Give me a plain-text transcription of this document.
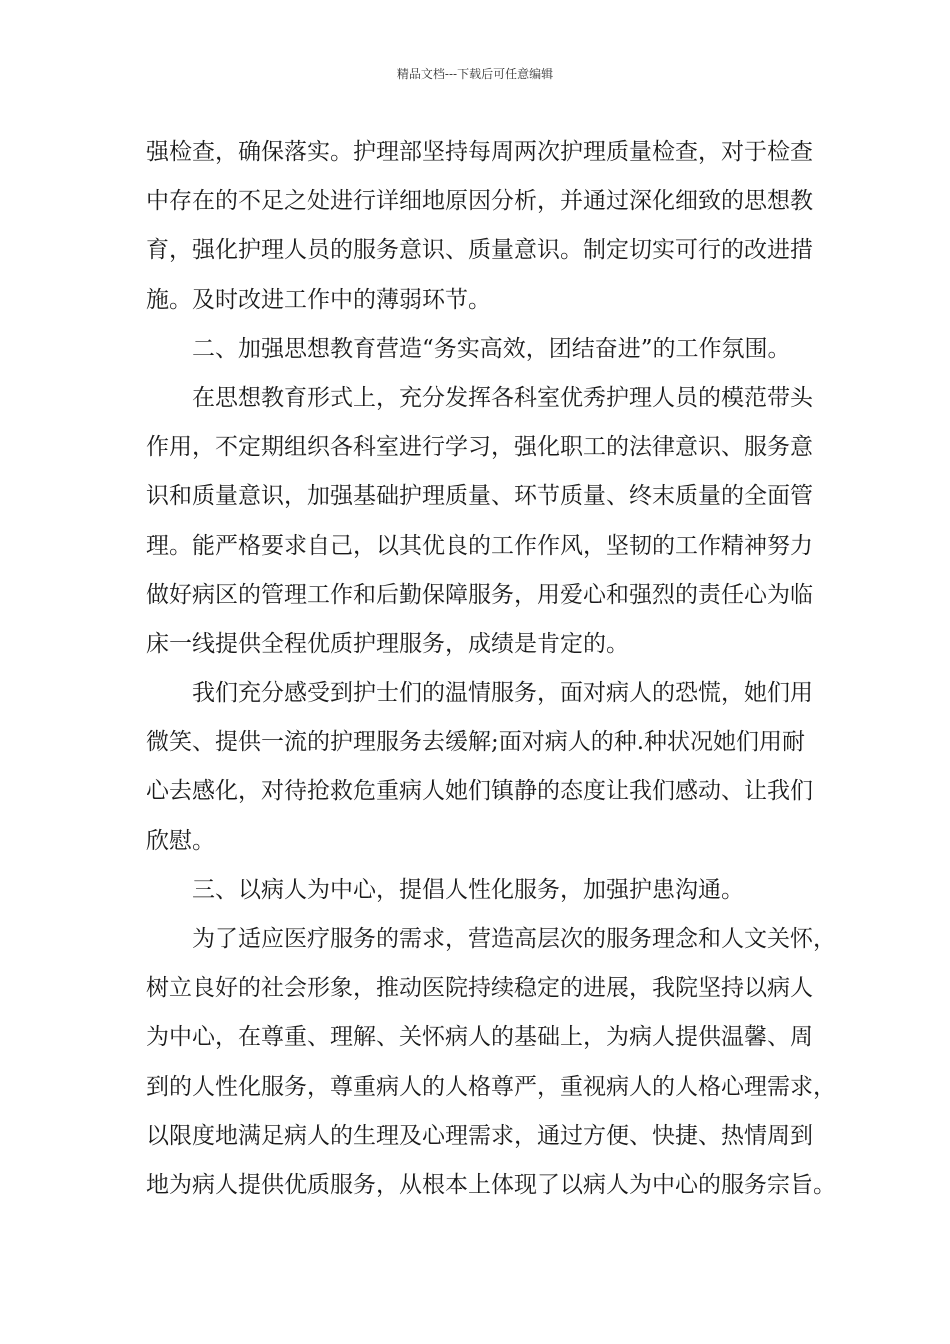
精品文档---下载后可任意编辑
强检查，确保落实。护理部坚持每周两次护理质量检查，对于检查
中存在的不足之处进行详细地原因分析，并通过深化细致的思想教
育，强化护理人员的服务意识、质量意识。制定切实可行的改进措
施。及时改进工作中的薄弱环节。
二、加强思想教育营造“务实高效，团结奋进”的工作氛围。
在思想教育形式上，充分发挥各科室优秀护理人员的模范带头
作用，不定期组织各科室进行学习，强化职工的法律意识、服务意
识和质量意识，加强基础护理质量、环节质量、终末质量的全面管
理。能严格要求自己，以其优良的工作作风，坚韧的工作精神努力
做好病区的管理工作和后勤保障服务，用爱心和强烈的责任心为临
床一线提供全程优质护理服务，成绩是肯定的。
我们充分感受到护士们的温情服务，面对病人的恐慌，她们用
微笑、提供一流的护理服务去缓解;面对病人的种.种状况她们用耐
心去感化，对待抢救危重病人她们镇静的态度让我们感动、让我们
欣慰。
三、以病人为中心，提倡人性化服务，加强护患沟通。
为了适应医疗服务的需求，营造高层次的服务理念和人文关怀，
树立良好的社会形象，推动医院持续稳定的进展，我院坚持以病人
为中心，在尊重、理解、关怀病人的基础上，为病人提供温馨、周
到的人性化服务，尊重病人的人格尊严，重视病人的人格心理需求，
以限度地满足病人的生理及心理需求，通过方便、快捷、热情周到
地为病人提供优质服务，从根本上体现了以病人为中心的服务宗旨。
